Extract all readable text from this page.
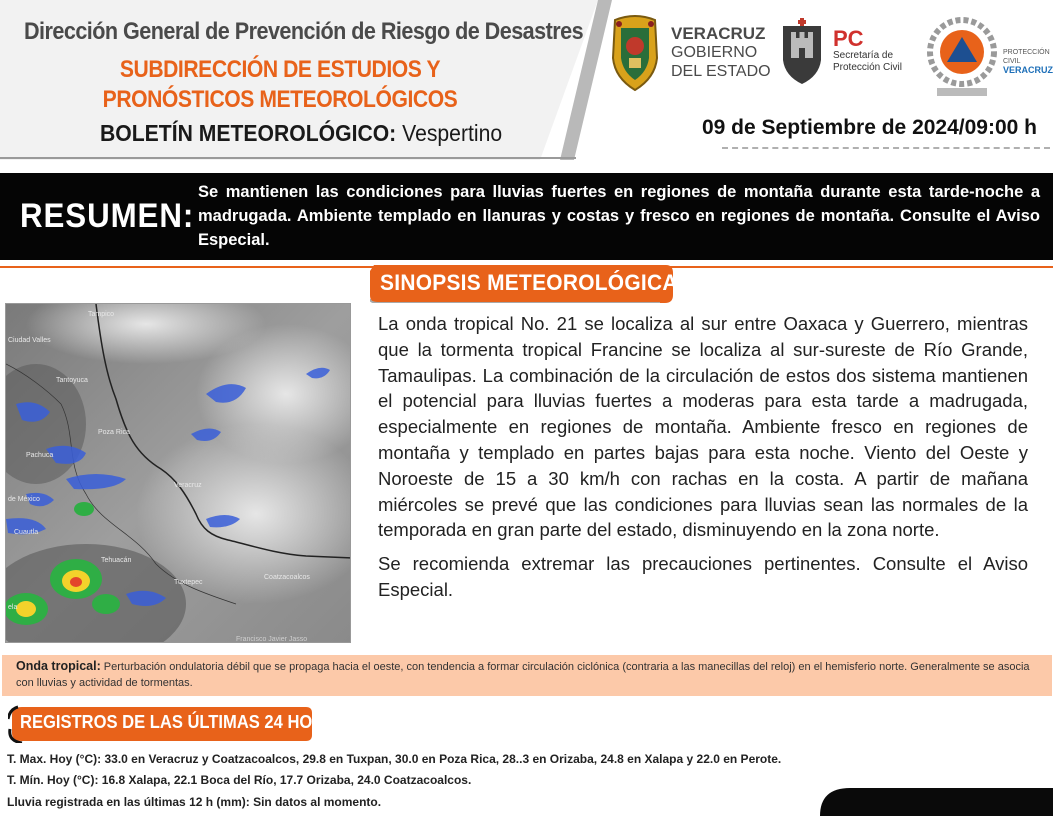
Dirección General de Prevención de Riesgo de Desastres
SUBDIRECCIÓN DE ESTUDIOS Y PRONÓSTICOS METEOROLÓGICOS
BOLETÍN METEOROLÓGICO: Vespertino
VERACRUZ
GOBIERNO
DEL ESTADO
PC
Secretaría de
Protección Civil
PROTECCIÓN CIVIL
VERACRUZ
09 de Septiembre de 2024/09:00 h
RESUMEN:
Se mantienen las condiciones para lluvias fuertes en regiones de montaña durante esta tarde-noche a madrugada. Ambiente templado en llanuras y costas y fresco en regiones de montaña. Consulte el Aviso Especial.
SINOPSIS METEOROLÓGICA
Tampico
Ciudad Valles
Tantoyuca
Poza Rica
Pachuca
de México
Veracruz
Cuautla
Tehuacán
Tuxtepec
Coatzacoalcos
ela
Francisco Javier Jasso

La onda tropical No. 21 se localiza al sur entre Oaxaca y Guerrero, mientras que la tormenta tropical Francine se localiza al sur-sureste de Río Grande, Tamaulipas. La combinación de la circulación de estos dos sistema mantienen el potencial para lluvias fuertes a moderas para esta tarde a madrugada, especialmente en regiones de montaña. Ambiente fresco en regiones de montaña y templado en partes bajas para esta noche. Viento del Oeste y Noroeste de 15 a 30 km/h con rachas en la costa. A partir de mañana miércoles se prevé que las condiciones para lluvias sean las normales de la temporada en gran parte del estado, disminuyendo en la zona norte.

Se recomienda extremar las precauciones pertinentes. Consulte el Aviso Especial.

Onda tropical: Perturbación ondulatoria débil que se propaga hacia el oeste, con tendencia a formar circulación ciclónica (contraria a las manecillas del reloj) en el hemisferio norte. Generalmente se asocia con lluvias y actividad de tormentas.
REGISTROS DE LAS ÚLTIMAS 24 HORAS
T. Max. Hoy (°C): 33.0 en Veracruz y Coatzacoalcos, 29.8 en Tuxpan, 30.0 en Poza Rica, 28..3 en Orizaba, 24.8 en Xalapa y 22.0 en Perote.
T. Mín. Hoy (°C): 16.8 Xalapa, 22.1 Boca del Río, 17.7 Orizaba, 24.0 Coatzacoalcos.
Lluvia registrada en las últimas 12 h (mm): Sin datos al momento.
